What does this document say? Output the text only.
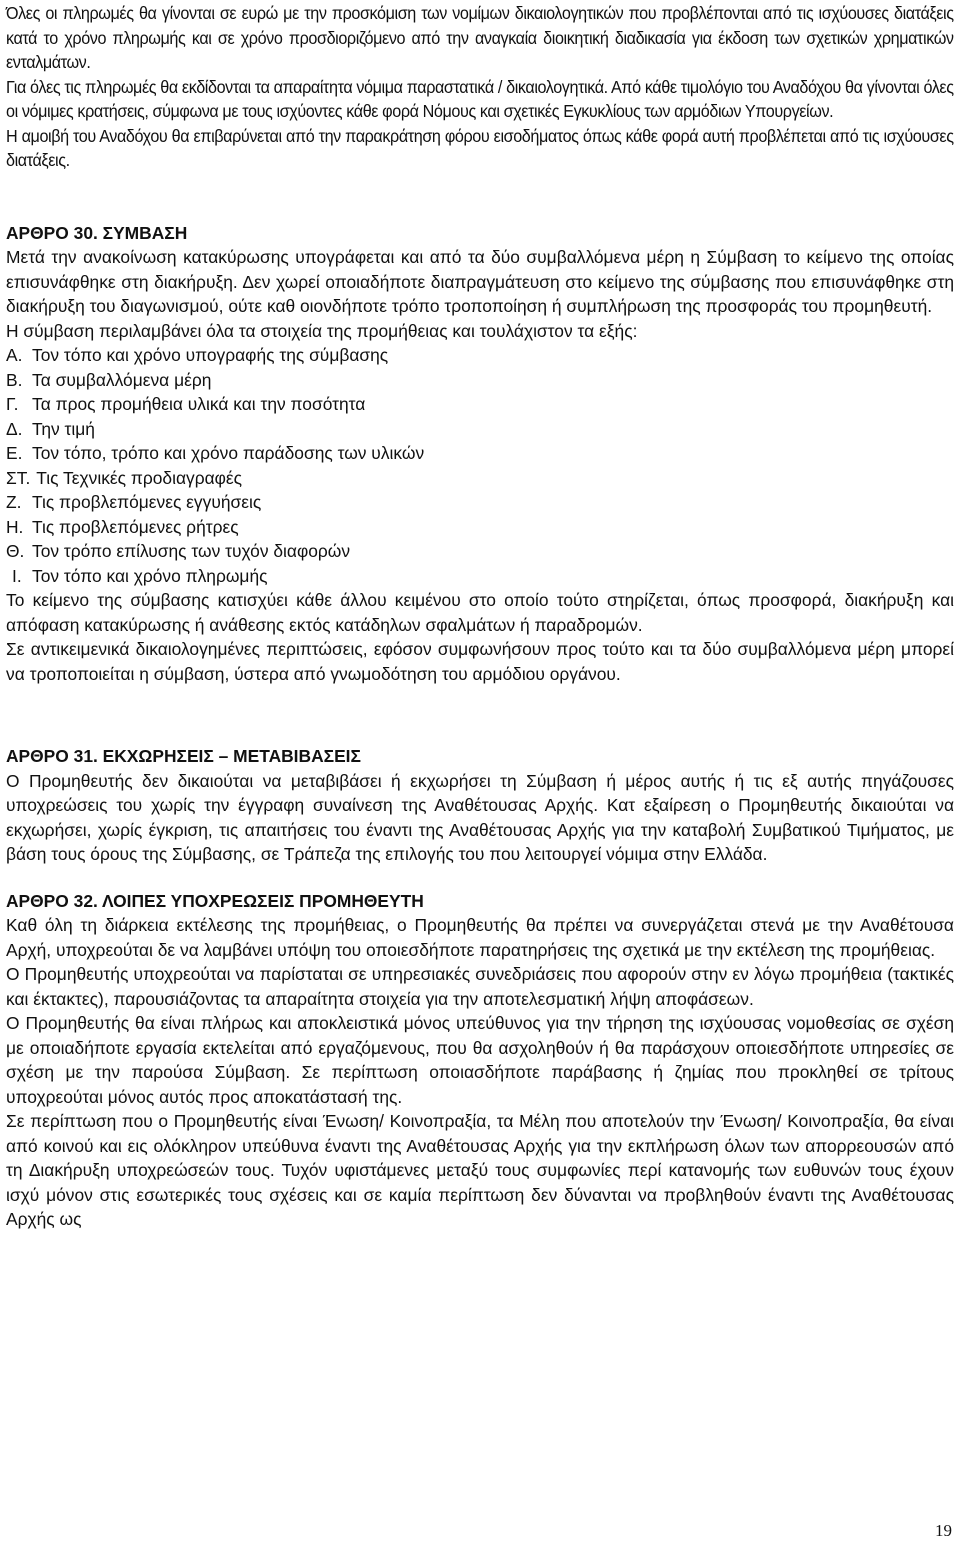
Όλες οι πληρωμές θα γίνονται σε ευρώ με την προσκόμιση των νομίμων δικαιολογητικών που προβλέπονται από τις ισχύουσες διατάξεις κατά το χρόνο πληρωμής και σε χρόνο προσδιοριζόμενο από την αναγκαία διοικητική διαδικασία για έκδοση των σχετικών χρηματικών ενταλμάτων.

Για όλες τις πληρωμές θα εκδίδονται τα απαραίτητα νόμιμα παραστατικά / δικαιολογητικά. Από κάθε τιμολόγιο του Αναδόχου θα γίνονται όλες οι νόμιμες κρατήσεις, σύμφωνα με τους ισχύοντες κάθε φορά Νόμους και σχετικές Εγκυκλίους των αρμόδιων Υπουργείων.

Η αμοιβή του Αναδόχου θα επιβαρύνεται από την παρακράτηση φόρου εισοδήματος όπως κάθε φορά αυτή προβλέπεται από τις ισχύουσες διατάξεις.

ΑΡΘΡΟ 30. ΣΥΜΒΑΣΗ

Μετά την ανακοίνωση κατακύρωσης υπογράφεται και από τα δύο συμβαλλόμενα μέρη η Σύμβαση το κείμενο της οποίας επισυνάφθηκε στη διακήρυξη. Δεν χωρεί οποιαδήποτε διαπραγμάτευση στο κείμενο της σύμβασης που επισυνάφθηκε στη διακήρυξη του διαγωνισμού, ούτε καθ οιονδήποτε τρόπο τροποποίηση ή συμπλήρωση της προσφοράς του προμηθευτή.

Η σύμβαση περιλαμβάνει όλα τα στοιχεία της προμήθειας και τουλάχιστον τα εξής:

Α. Τον τόπο και χρόνο υπογραφής της σύμβασης

Β. Τα συμβαλλόμενα μέρη

Γ. Τα προς προμήθεια υλικά και την ποσότητα

Δ. Την τιμή

Ε. Τον τόπο, τρόπο και χρόνο παράδοσης των υλικών

ΣΤ. Τις Τεχνικές προδιαγραφές

Ζ. Τις προβλεπόμενες εγγυήσεις

Η. Τις προβλεπόμενες ρήτρες

Θ. Τον τρόπο επίλυσης των τυχόν διαφορών

Ι. Τον τόπο και χρόνο πληρωμής

Το κείμενο της σύμβασης κατισχύει κάθε άλλου κειμένου στο οποίο τούτο στηρίζεται, όπως προσφορά, διακήρυξη και απόφαση κατακύρωσης ή ανάθεσης εκτός κατάδηλων σφαλμάτων ή παραδρομών.

Σε αντικειμενικά δικαιολογημένες περιπτώσεις, εφόσον συμφωνήσουν προς τούτο και τα δύο συμβαλλόμενα μέρη μπορεί να τροποποιείται η σύμβαση, ύστερα από γνωμοδότηση του αρμόδιου οργάνου.

ΑΡΘΡΟ 31. ΕΚΧΩΡΗΣΕΙΣ – ΜΕΤΑΒΙΒΑΣΕΙΣ

Ο Προμηθευτής δεν δικαιούται να μεταβιβάσει ή εκχωρήσει τη Σύμβαση ή μέρος αυτής ή τις εξ αυτής πηγάζουσες υποχρεώσεις του χωρίς την έγγραφη συναίνεση της Αναθέτουσας Αρχής. Κατ εξαίρεση ο Προμηθευτής δικαιούται να εκχωρήσει, χωρίς έγκριση, τις απαιτήσεις του έναντι της Αναθέτουσας Αρχής για την καταβολή Συμβατικού Τιμήματος, με βάση τους όρους της Σύμβασης, σε Τράπεζα της επιλογής του που λειτουργεί νόμιμα στην Ελλάδα.

ΑΡΘΡΟ 32. ΛΟΙΠΕΣ ΥΠΟΧΡΕΩΣΕΙΣ ΠΡΟΜΗΘΕΥΤΗ

Καθ όλη τη διάρκεια εκτέλεσης της προμήθειας, ο Προμηθευτής θα πρέπει να συνεργάζεται στενά με την Αναθέτουσα Αρχή, υποχρεούται δε να λαμβάνει υπόψη του οποιεσδήποτε παρατηρήσεις της σχετικά με την εκτέλεση της προμήθειας.

Ο Προμηθευτής υποχρεούται να παρίσταται σε υπηρεσιακές συνεδριάσεις που αφορούν στην εν λόγω προμήθεια (τακτικές και έκτακτες), παρουσιάζοντας τα απαραίτητα στοιχεία για την αποτελεσματική λήψη αποφάσεων.

Ο Προμηθευτής θα είναι πλήρως και αποκλειστικά μόνος υπεύθυνος για την τήρηση της ισχύουσας νομοθεσίας σε σχέση με οποιαδήποτε εργασία εκτελείται από εργαζόμενους, που θα ασχοληθούν ή θα παράσχουν οποιεσδήποτε υπηρεσίες σε σχέση με την παρούσα Σύμβαση. Σε περίπτωση οποιασδήποτε παράβασης ή ζημίας που προκληθεί σε τρίτους υποχρεούται μόνος αυτός προς αποκατάστασή της.

Σε περίπτωση που ο Προμηθευτής είναι Ένωση/ Κοινοπραξία, τα Μέλη που αποτελούν την Ένωση/ Κοινοπραξία, θα είναι από κοινού και εις ολόκληρον υπεύθυνα έναντι της Αναθέτουσας Αρχής για την εκπλήρωση όλων των απορρεουσών από τη Διακήρυξη υποχρεώσεών τους. Τυχόν υφιστάμενες μεταξύ τους συμφωνίες περί κατανομής των ευθυνών τους έχουν ισχύ μόνον στις εσωτερικές τους σχέσεις και σε καμία περίπτωση δεν δύνανται να προβληθούν έναντι της Αναθέτουσας Αρχής ως

19
